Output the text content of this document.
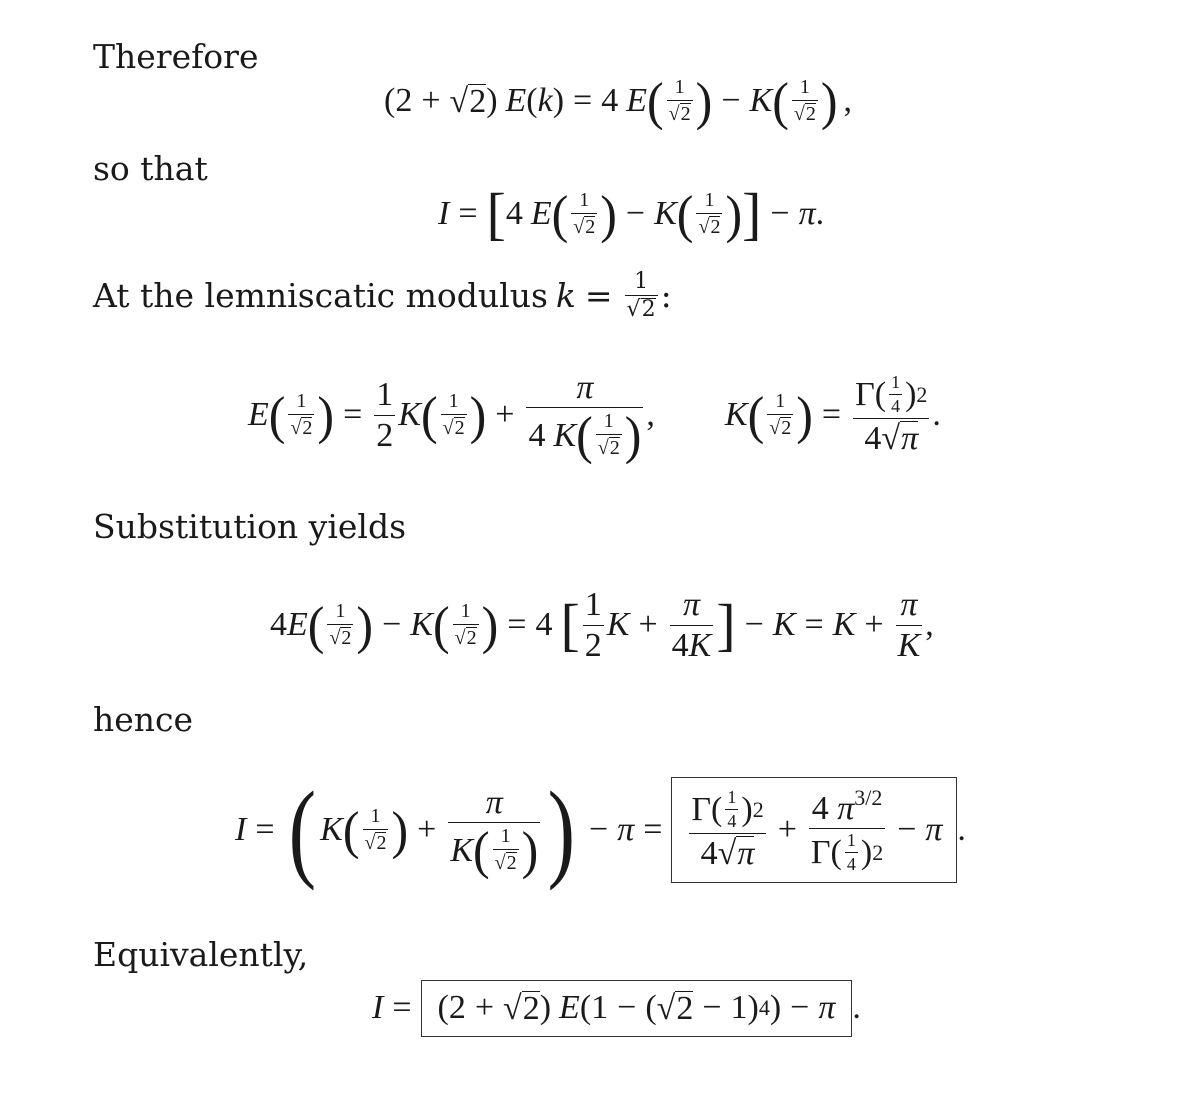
Therefore
so that
At the lemniscatic modulus $k = \frac{1}{√2}$ :
Substitution yields
hence
Equivalently,
( 2 + √2 ) E ( k ) = 4 E ( $\frac{1}{√2}$ ) − K ( $\frac{1}{√2}$ ) ,
I = [ 4 E ( $\frac{1}{√2}$ ) − K ( $\frac{1}{√2}$ ) ] − π .
E ( $\frac{1}{√2}$ ) = $\frac{1}{2}$ K ( $\frac{1}{√2}$ ) + $\frac{\pi}{4 K ( \frac{1}{√2} )}$ , K ( $\frac{1}{√2}$ ) = $\frac{\Gamma ( \frac{1}{4} ) 2}{4√\pi}$ .
4 E ( $\frac{1}{√2}$ ) − K ( $\frac{1}{√2}$ ) = 4 [ $\frac{1}{2}$ $K + \frac{\pi}{4K}$ ] − $K = K + \frac{\pi}{K}$ ,
I = ( K ( $\frac{1}{√2}$ ) + $\frac{\pi}{K ( \frac{1}{√2} )}$ ) − $\pi = \frac{\Gamma ( \frac{1}{4} ) 2}{4√\pi} + \frac{4 \pi^{3/2}}{\Gamma ( \frac{1}{4} ) 2} - \pi$ .
I = ( 2 + √2 ) E ( 1 − ( √2 − 1 ) 4 ) − π .
